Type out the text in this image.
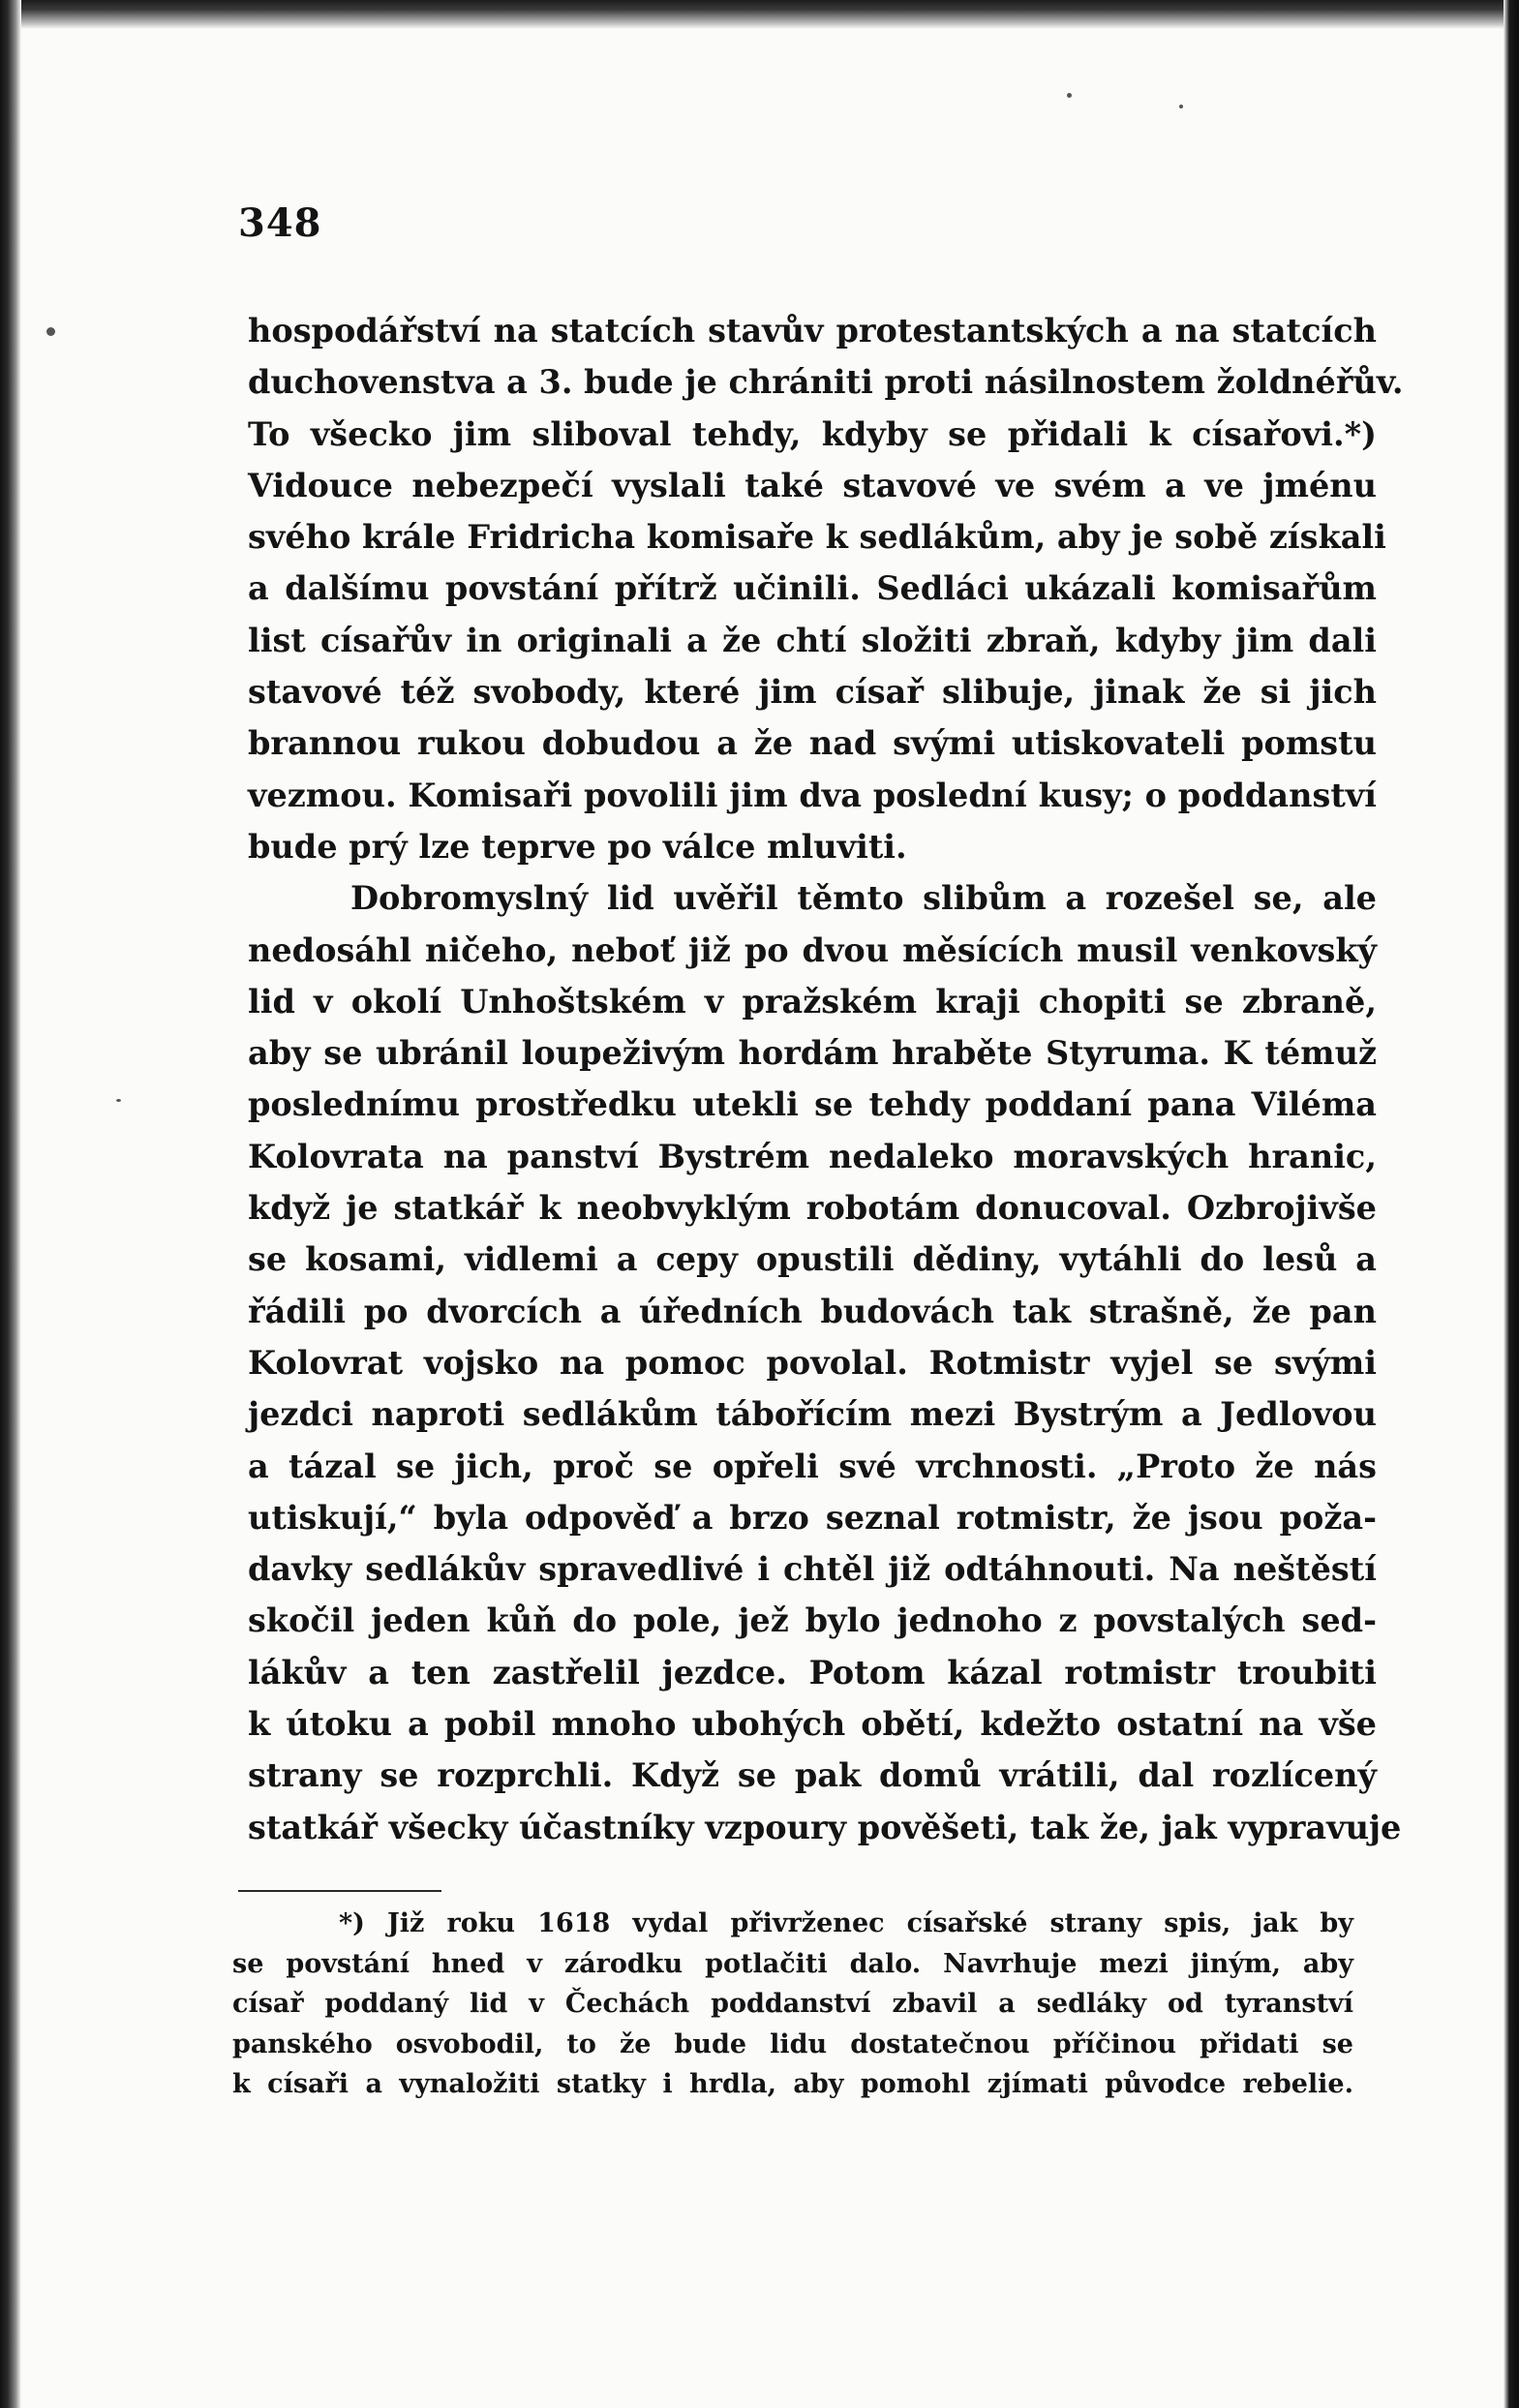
348
hospodářství na statcích stavův protestantských a na statcích
duchovenstva a 3. bude je chrániti proti násilnostem žoldnéřův.
To všecko jim sliboval tehdy, kdyby se přidali k císařovi.*)
Vidouce nebezpečí vyslali také stavové ve svém a ve jménu
svého krále Fridricha komisaře k sedlákům, aby je sobě získali
a dalšímu povstání přítrž učinili. Sedláci ukázali komisařům
list císařův in originali a že chtí složiti zbraň, kdyby jim dali
stavové též svobody, které jim císař slibuje, jinak že si jich
brannou rukou dobudou a že nad svými utiskovateli pomstu
vezmou. Komisaři povolili jim dva poslední kusy; o poddanství
bude prý lze teprve po válce mluviti.
Dobromyslný lid uvěřil těmto slibům a rozešel se, ale
nedosáhl ničeho, neboť již po dvou měsících musil venkovský
lid v okolí Unhoštském v pražském kraji chopiti se zbraně,
aby se ubránil loupeživým hordám hraběte Styruma. K témuž
poslednímu prostředku utekli se tehdy poddaní pana Viléma
Kolovrata na panství Bystrém nedaleko moravských hranic,
když je statkář k neobvyklým robotám donucoval. Ozbrojivše
se kosami, vidlemi a cepy opustili dědiny, vytáhli do lesů a
řádili po dvorcích a úředních budovách tak strašně, že pan
Kolovrat vojsko na pomoc povolal. Rotmistr vyjel se svými
jezdci naproti sedlákům tábořícím mezi Bystrým a Jedlovou
a tázal se jich, proč se opřeli své vrchnosti. „Proto že nás
utiskují,“ byla odpověď a brzo seznal rotmistr, že jsou poža-
davky sedlákův spravedlivé i chtěl již odtáhnouti. Na neštěstí
skočil jeden kůň do pole, jež bylo jednoho z povstalých sed-
lákův a ten zastřelil jezdce. Potom kázal rotmistr troubiti
k útoku a pobil mnoho ubohých obětí, kdežto ostatní na vše
strany se rozprchli. Když se pak domů vrátili, dal rozlícený
statkář všecky účastníky vzpoury pověšeti, tak že, jak vypravuje
*) Již roku 1618 vydal přivrženec císařské strany spis, jak by
se povstání hned v zárodku potlačiti dalo. Navrhuje mezi jiným, aby
císař poddaný lid v Čechách poddanství zbavil a sedláky od tyranství
panského osvobodil, to že bude lidu dostatečnou příčinou přidati se
k císaři a vynaložiti statky i hrdla, aby pomohl zjímati původce rebelie.
